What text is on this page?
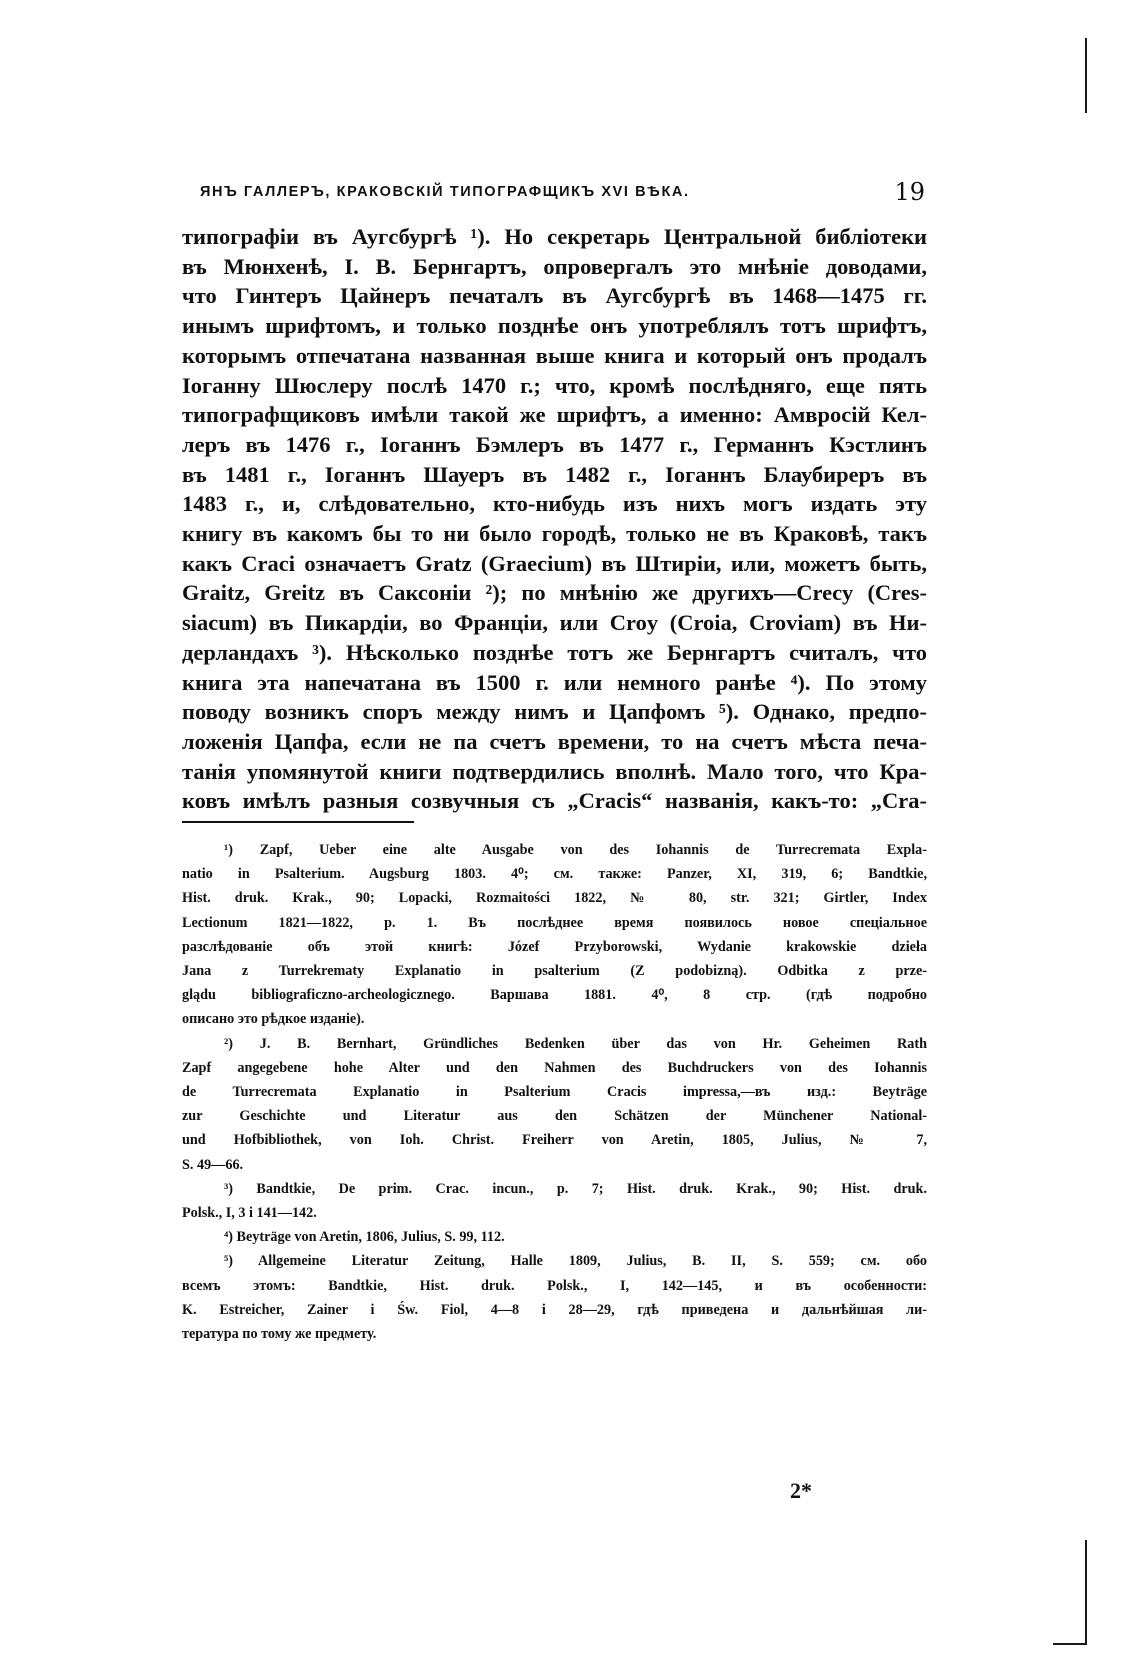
ЯНЪ ГАЛЛЕРЪ, КРАКОВСКІЙ ТИПОГРАФЩИКЪ XVI ВѢКА.	19
типографіи въ Аугсбургѣ ¹). Но секретарь Центральной библіотеки
въ Мюнхенѣ, I. B. Бернгартъ, опровергалъ это мнѣніе доводами,
что Гинтеръ Цайнеръ печаталъ въ Аугсбургѣ въ 1468—1475 гг.
инымъ шрифтомъ, и только позднѣе онъ употреблялъ тотъ шрифтъ,
которымъ отпечатана названная выше книга и который онъ продалъ
Іоганну Шюслеру послѣ 1470 г.; что, кромѣ послѣдняго, еще пять
типографщиковъ имѣли такой же шрифтъ, а именно: Амвросій Кел-
леръ въ 1476 г., Іоганнъ Бэмлеръ въ 1477 г., Германнъ Кэстлинъ
въ 1481 г., Іоганнъ Шауеръ въ 1482 г., Іоганнъ Блаубиреръ въ
1483 г., и, слѣдовательно, кто-нибудь изъ нихъ могъ издать эту
книгу въ какомъ бы то ни было городѣ, только не въ Краковѣ, такъ
какъ Craci означаетъ Gratz (Graecium) въ Штиріи, или, можетъ быть,
Graitz, Greitz въ Саксоніи ²); по мнѣнію же другихъ—Crecy (Cres-
siacum) въ Пикардіи, во Франціи, или Croy (Croia, Croviam) въ Ни-
дерландахъ ³). Нѣсколько позднѣе тотъ же Бернгартъ считалъ, что
книга эта напечатана въ 1500 г. или немного ранѣе ⁴). По этому
поводу возникъ споръ между нимъ и Цапфомъ ⁵). Однако, предпо-
ложенія Цапфа, если не па счетъ времени, то на счетъ мѣста печа-
танія упомянутой книги подтвердились вполнѣ. Мало того, что Кра-
ковъ имѣлъ разныя созвучныя съ „Cracis“ названія, какъ-то: „Cra-
¹) Zapf, Ueber eine alte Ausgabe von des Iohannis de Turrecremata Expla-
natio in Psalterium. Augsburg 1803. 4⁰; см. также: Panzer, XI, 319, 6; Bandtkie,
Hist. druk. Krak., 90; Lopacki, Rozmaitości 1822, № 80, str. 321; Girtler, Index
Lectionum 1821—1822, p. 1. Въ послѣднее время появилось новое спеціальное
разслѣдованіе объ этой книгѣ: Józef Przyborowski, Wydanie krakowskie dzieła
Jana z Turrekrematy Explanatio in psalterium (Z podobizną). Odbitka z prze-
glądu bibliograficzno-archeologicznego. Варшава 1881. 4⁰, 8 стр. (гдѣ подробно
описано это рѣдкое изданіе).
²) J. B. Bernhart, Gründliches Bedenken über das von Hr. Geheimen Rath
Zapf angegebene hohe Alter und den Nahmen des Buchdruckers von des Iohannis
de Turrecremata Explanatio in Psalterium Cracis impressa,—въ изд.: Beyträge
zur Geschichte und Literatur aus den Schätzen der Münchener National-
und Hofbibliothek, von Ioh. Christ. Freiherr von Aretin, 1805, Julius, № 7,
S. 49—66.
³) Bandtkie, De prim. Crac. incun., p. 7; Hist. druk. Krak., 90; Hist. druk.
Polsk., I, 3 i 141—142.
⁴) Beyträge von Aretin, 1806, Julius, S. 99, 112.
⁵) Allgemeine Literatur Zeitung, Halle 1809, Julius, B. II, S. 559; см. обо
всемъ этомъ: Bandtkie, Hist. druk. Polsk., I, 142—145, и въ особенности:
K. Estreicher, Zainer i Św. Fiol, 4—8 i 28—29, гдѣ приведена и дальнѣйшая ли-
тература по тому же предмету.
2*
